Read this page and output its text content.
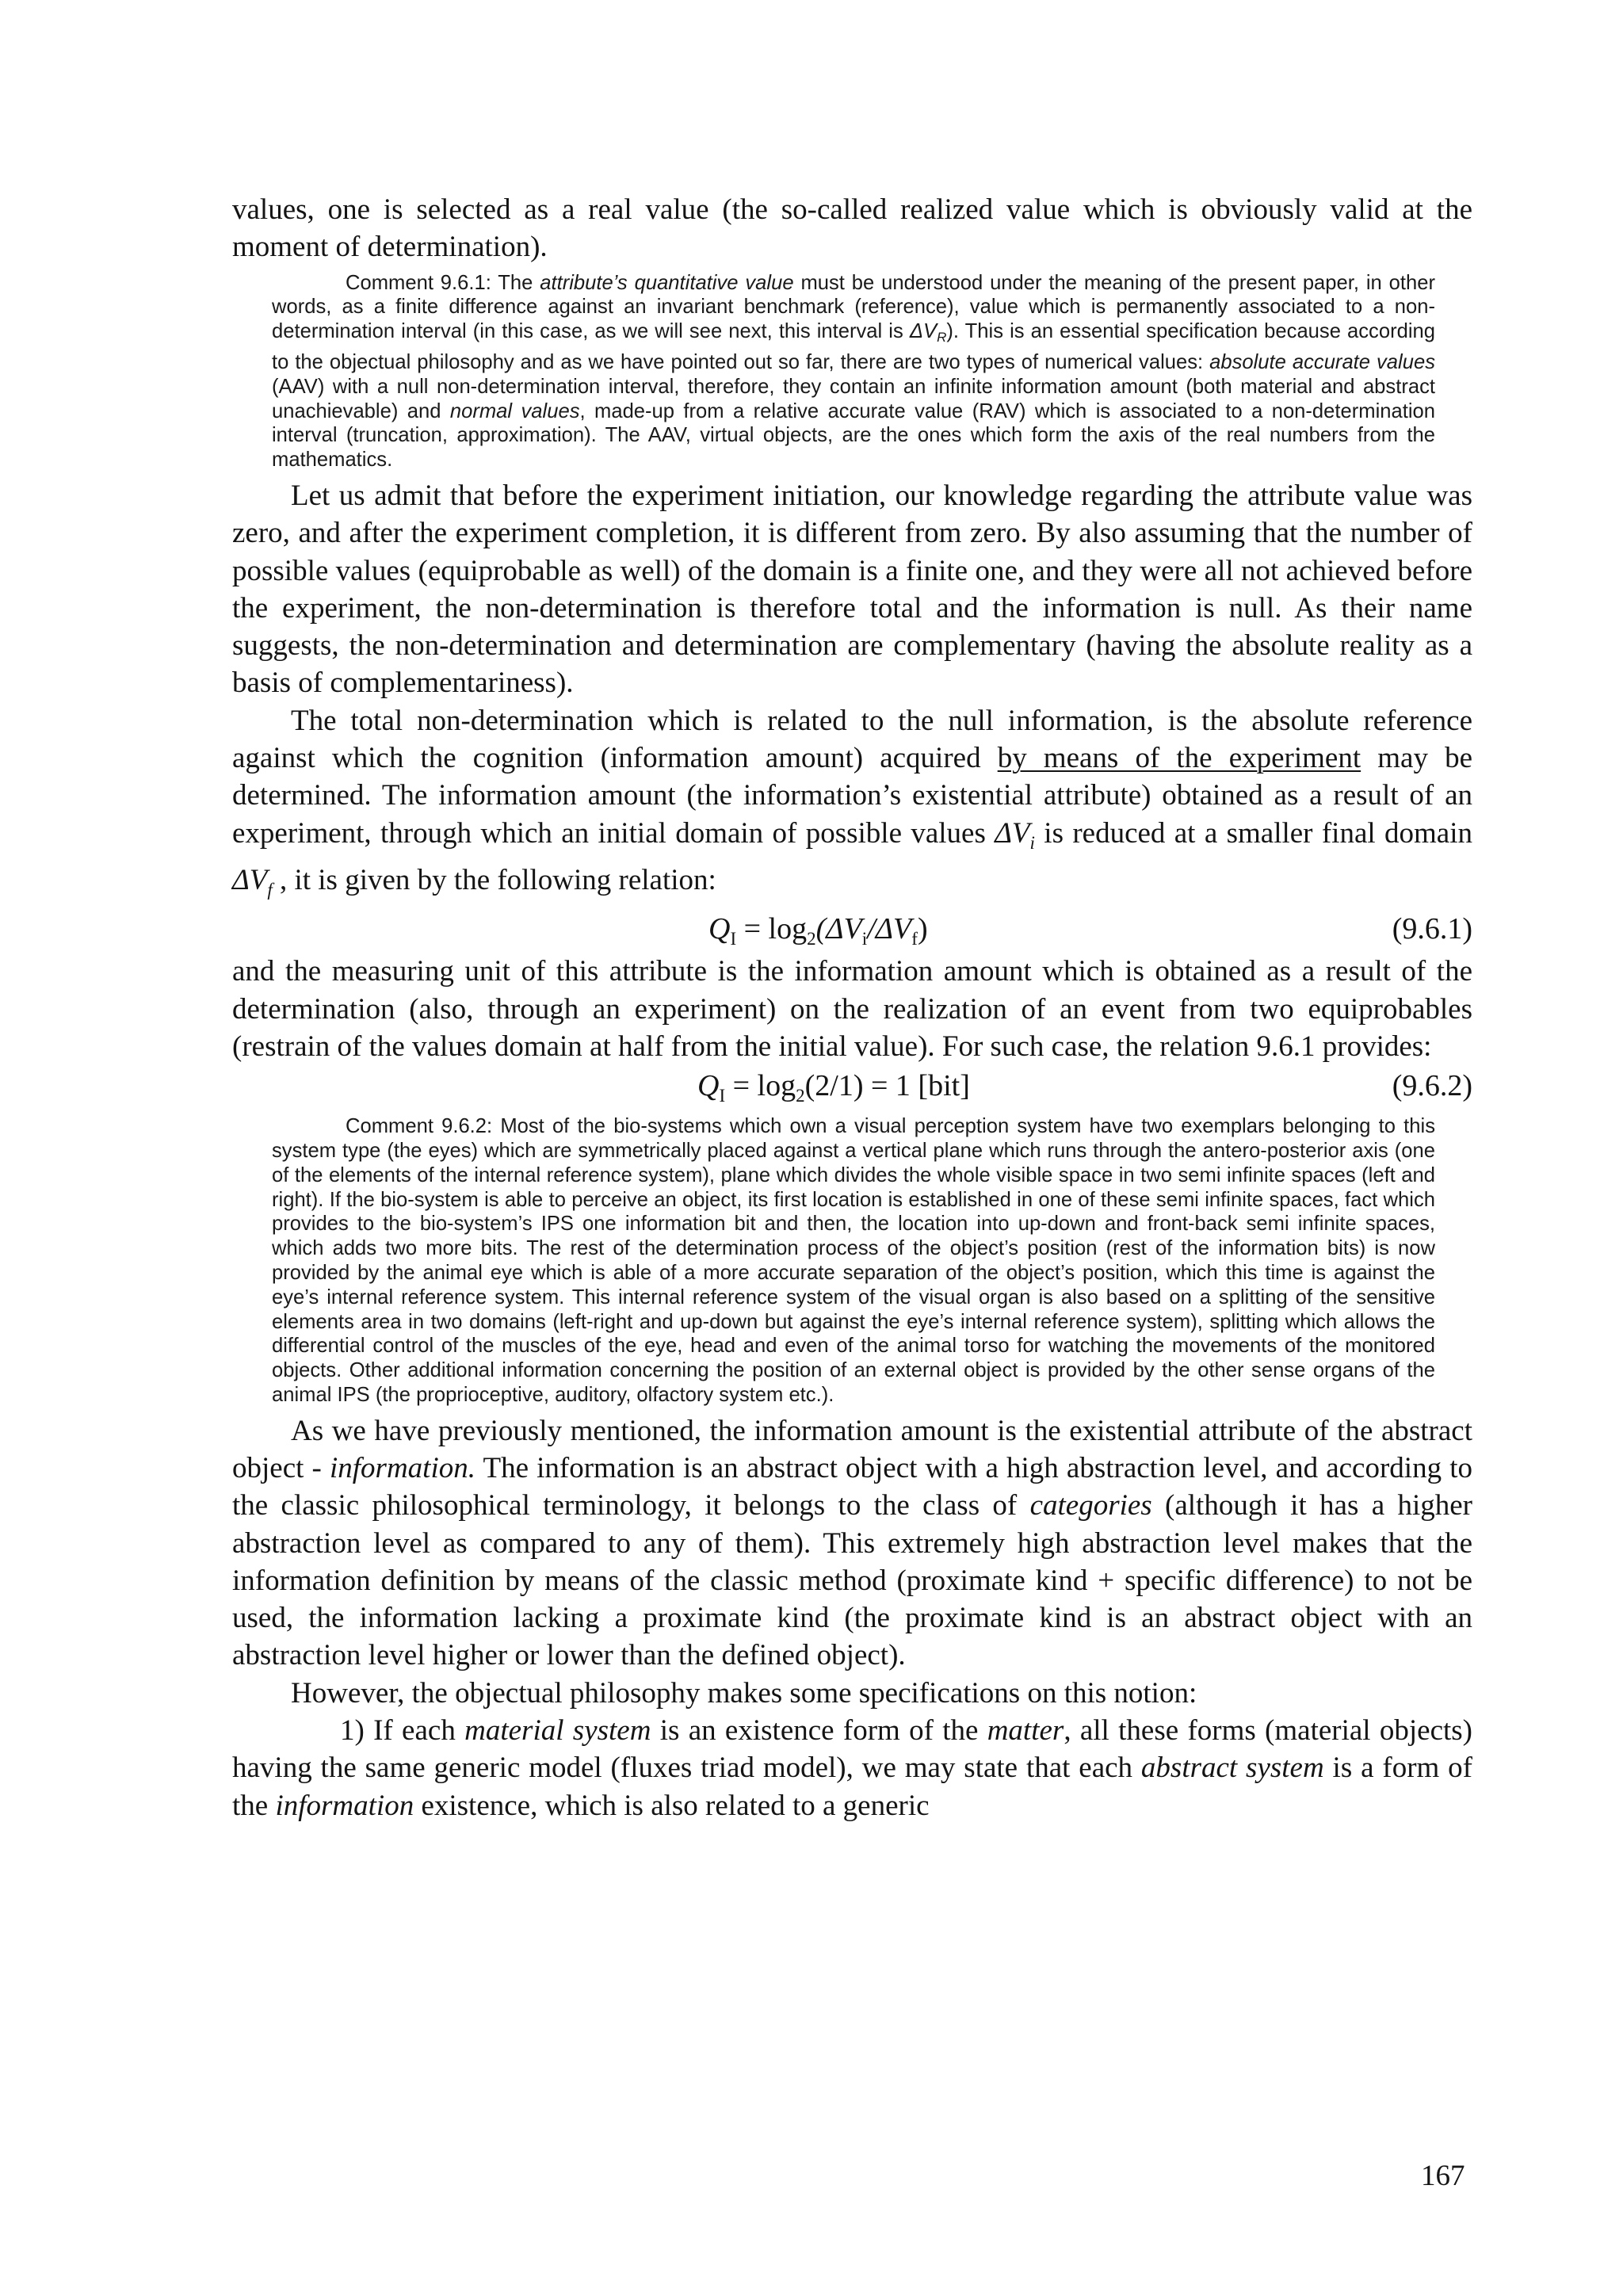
values, one is selected as a real value (the so-called realized value which is obviously valid at the moment of determination).

Comment 9.6.1: The attribute’s quantitative value must be understood under the meaning of the present paper, in other words, as a finite difference against an invariant benchmark (reference), value which is permanently associated to a non-determination interval (in this case, as we will see next, this interval is $\Delta V_R$). This is an essential specification because according to the objectual philosophy and as we have pointed out so far, there are two types of numerical values: absolute accurate values (AAV) with a null non-determination interval, therefore, they contain an infinite information amount (both material and abstract unachievable) and normal values, made-up from a relative accurate value (RAV) which is associated to a non-determination interval (truncation, approximation). The AAV, virtual objects, are the ones which form the axis of the real numbers from the mathematics.

Let us admit that before the experiment initiation, our knowledge regarding the attribute value was zero, and after the experiment completion, it is different from zero. By also assuming that the number of possible values (equiprobable as well) of the domain is a finite one, and they were all not achieved before the experiment, the non-determination is therefore total and the information is null. As their name suggests, the non-determination and determination are complementary (having the absolute reality as a basis of complementariness).

The total non-determination which is related to the null information, is the absolute reference against which the cognition (information amount) acquired by means of the experiment may be determined. The information amount (the information’s existential attribute) obtained as a result of an experiment, through which an initial domain of possible values $\Delta V_i$ is reduced at a smaller final domain $\Delta V_f$ , it is given by the following relation:

$Q_I = \log_2(\Delta V_i/\Delta V_f)$	(9.6.1)

and the measuring unit of this attribute is the information amount which is obtained as a result of the determination (also, through an experiment) on the realization of an event from two equiprobables (restrain of the values domain at half from the initial value). For such case, the relation 9.6.1 provides:

$Q_I = \log_2(2/1) = 1$ [bit]	(9.6.2)

Comment 9.6.2: Most of the bio-systems which own a visual perception system have two exemplars belonging to this system type (the eyes) which are symmetrically placed against a vertical plane which runs through the antero-posterior axis (one of the elements of the internal reference system), plane which divides the whole visible space in two semi infinite spaces (left and right). If the bio-system is able to perceive an object, its first location is established in one of these semi infinite spaces, fact which provides to the bio-system’s IPS one information bit and then, the location into up-down and front-back semi infinite spaces, which adds two more bits. The rest of the determination process of the object’s position (rest of the information bits) is now provided by the animal eye which is able of a more accurate separation of the object’s position, which this time is against the eye’s internal reference system. This internal reference system of the visual organ is also based on a splitting of the sensitive elements area in two domains (left-right and up-down but against the eye’s internal reference system), splitting which allows the differential control of the muscles of the eye, head and even of the animal torso for watching the movements of the monitored objects. Other additional information concerning the position of an external object is provided by the other sense organs of the animal IPS (the proprioceptive, auditory, olfactory system etc.).

As we have previously mentioned, the information amount is the existential attribute of the abstract object - information. The information is an abstract object with a high abstraction level, and according to the classic philosophical terminology, it belongs to the class of categories (although it has a higher abstraction level as compared to any of them). This extremely high abstraction level makes that the information definition by means of the classic method (proximate kind + specific difference) to not be used, the information lacking a proximate kind (the proximate kind is an abstract object with an abstraction level higher or lower than the defined object).

However, the objectual philosophy makes some specifications on this notion:

1) If each material system is an existence form of the matter, all these forms (material objects) having the same generic model (fluxes triad model), we may state that each abstract system is a form of the information existence, which is also related to a generic

167
